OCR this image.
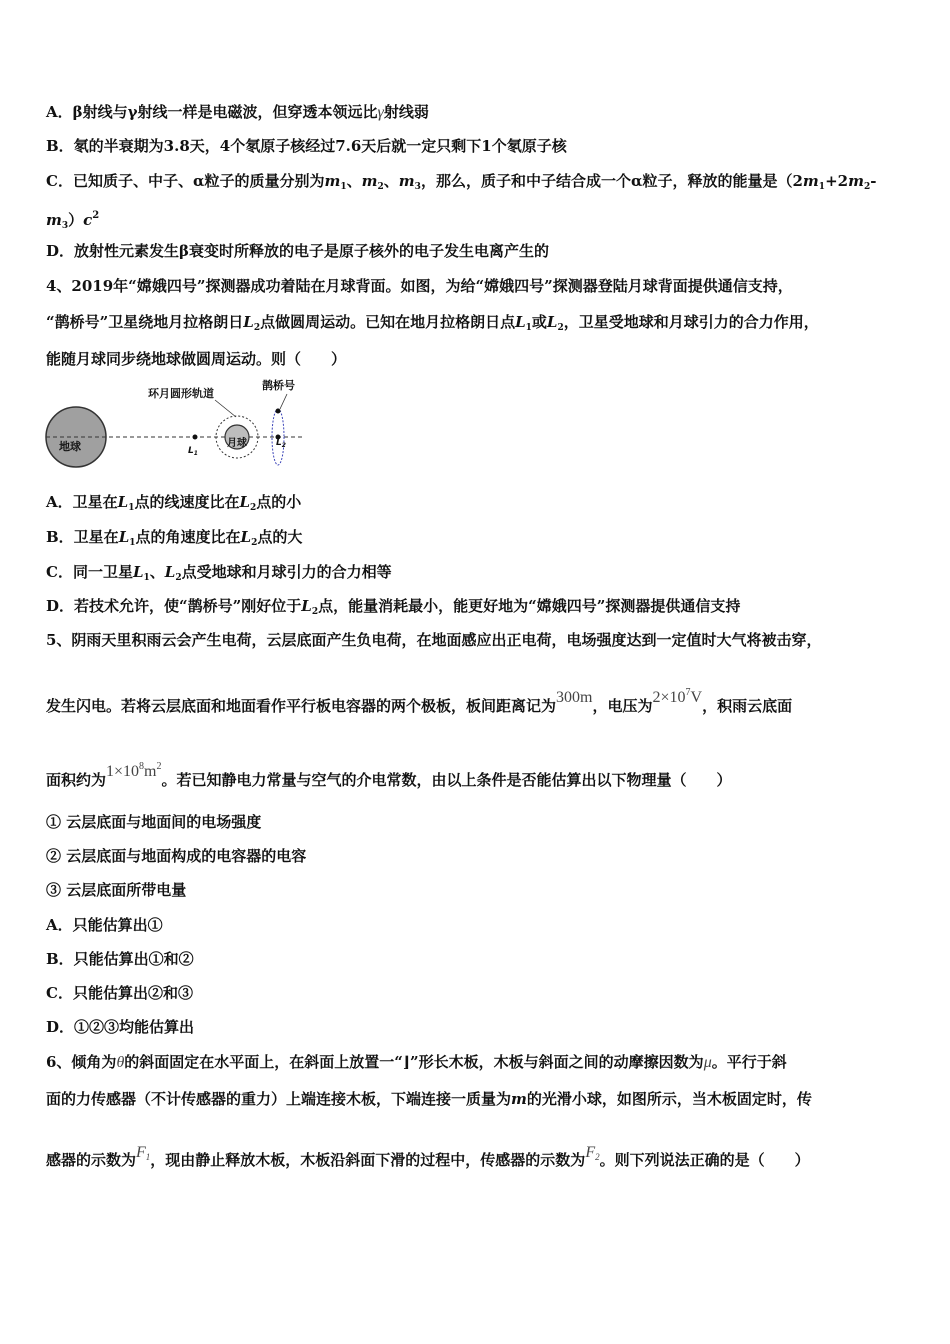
A．β射线与γ射线一样是电磁波，但穿透本领远比γ射线弱
B．氡的半衰期为3.8天，4个氡原子核经过7.6天后就一定只剩下1个氡原子核
C．已知质子、中子、α粒子的质量分别为$m_1$、$m_2$、$m_3$，那么，质子和中子结合成一个α粒子，释放的能量是（$2m_1+2m_2-$
$m_3)c^2$
D．放射性元素发生β衰变时所释放的电子是原子核外的电子发生电离产生的
4、2019年“嫦娥四号”探测器成功着陆在月球背面。如图，为给“嫦娥四号”探测器登陆月球背面提供通信支持，
“鹊桥号”卫星绕地月拉格朗日$L_2$点做圆周运动。已知在地月拉格朗日点$L_1$或$L_2$，卫星受地球和月球引力的合力作用，
能随月球同步绕地球做圆周运动。则（　　）
地球	$L_1$
月球
环月圆形轨道
鹊桥号
$L_2$
A．卫星在$L_1$点的线速度比在$L_2$点的小
B．卫星在$L_1$点的角速度比在$L_2$点的大
C．同一卫星$L_1$、$L_2$点受地球和月球引力的合力相等
D．若技术允许，使“鹊桥号”刚好位于$L_2$点，能量消耗最小，能更好地为“嫦娥四号”探测器提供通信支持
5、阴雨天里积雨云会产生电荷，云层底面产生负电荷，在地面感应出正电荷，电场强度达到一定值时大气将被击穿，
发生闪电。若将云层底面和地面看作平行板电容器的两个极板，板间距离记为300m，电压为$2\times 10^7V$，积雨云底面
面积约为$1\times 10^8m^2$。若已知静电力常量与空气的介电常数，由以上条件是否能估算出以下物理量（　　）
① 云层底面与地面间的电场强度
② 云层底面与地面构成的电容器的电容
③ 云层底面所带电量
A．只能估算出①
B．只能估算出①和②
C．只能估算出②和③
D．①②③均能估算出
6、倾角为θ的斜面固定在水平面上，在斜面上放置一“⌋”形长木板，木板与斜面之间的动摩擦因数为μ。平行于斜
面的力传感器（不计传感器的重力）上端连接木板，下端连接一质量为m的光滑小球，如图所示，当木板固定时，传
感器的示数为$F_1$，现由静止释放木板，木板沿斜面下滑的过程中，传感器的示数为$F_2$。则下列说法正确的是（　　）
